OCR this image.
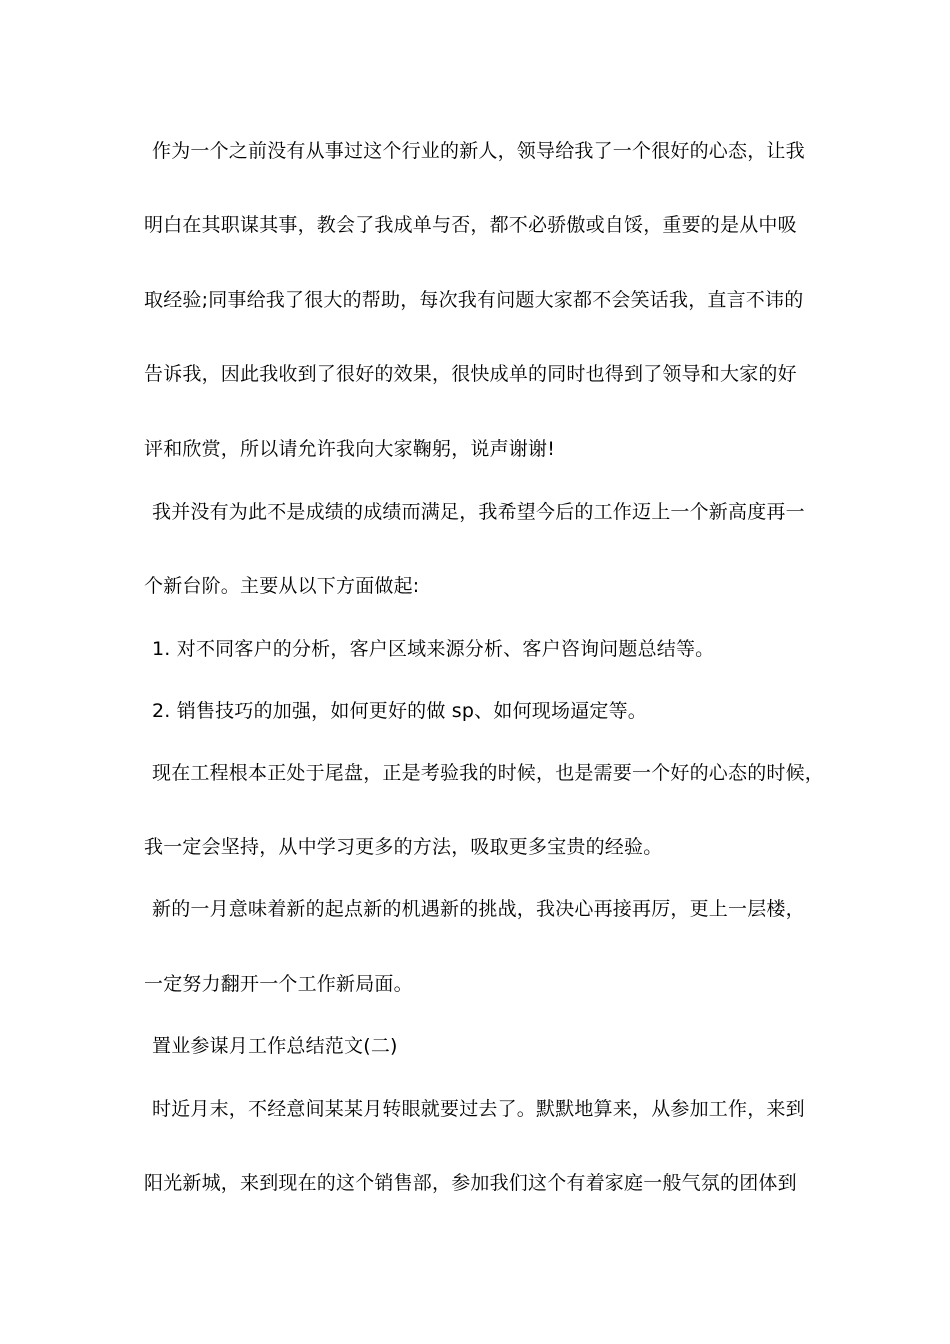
作为一个之前没有从事过这个行业的新人，领导给我了一个很好的心态，让我
明白在其职谋其事，教会了我成单与否，都不必骄傲或自馁，重要的是从中吸
取经验;同事给我了很大的帮助，每次我有问题大家都不会笑话我，直言不讳的
告诉我，因此我收到了很好的效果，很快成单的同时也得到了领导和大家的好
评和欣赏，所以请允许我向大家鞠躬，说声谢谢!
我并没有为此不是成绩的成绩而满足，我希望今后的工作迈上一个新高度再一
个新台阶。主要从以下方面做起:
1. 对不同客户的分析，客户区域来源分析、客户咨询问题总结等。
2. 销售技巧的加强，如何更好的做 sp、如何现场逼定等。
现在工程根本正处于尾盘，正是考验我的时候，也是需要一个好的心态的时候，
我一定会坚持，从中学习更多的方法，吸取更多宝贵的经验。
新的一月意味着新的起点新的机遇新的挑战，我决心再接再厉，更上一层楼，
一定努力翻开一个工作新局面。
置业参谋月工作总结范文(二)
时近月末，不经意间某某月转眼就要过去了。默默地算来，从参加工作，来到
阳光新城，来到现在的这个销售部，参加我们这个有着家庭一般气氛的团体到
